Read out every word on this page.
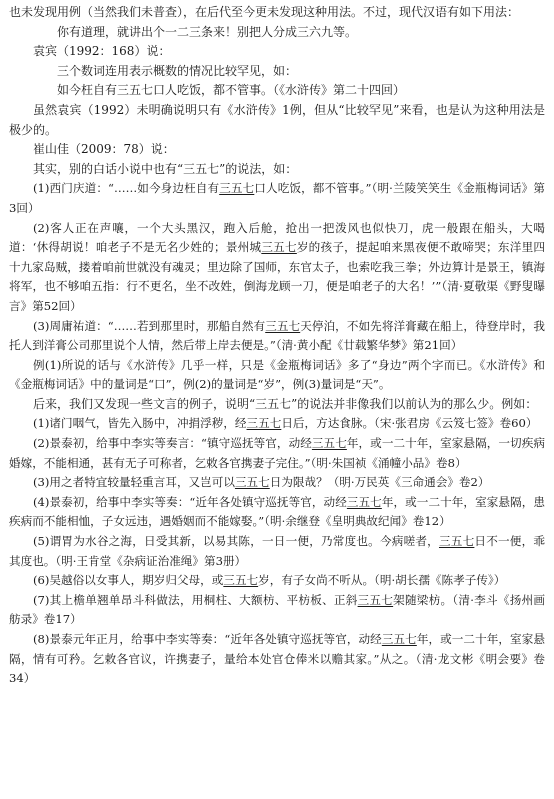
也未发现用例（当然我们未普查），在后代至今更未发现这种用法。不过，现代汉语有如下用法：

你有道理，就讲出个一二三条来！别把人分成三六九等。

袁宾（1992：168）说：

三个数词连用表示概数的情况比较罕见，如：

如今枉自有三五七口人吃饭，都不管事。（《水浒传》第二十四回）

虽然袁宾（1992）未明确说明只有《水浒传》1例，但从“比较罕见”来看，也是认为这种用法是极少的。

崔山佳（2009：78）说：

其实，别的白话小说中也有“三五七”的说法，如：

(1)西门庆道：“……如今身边枉自有三五七口人吃饭，都不管事。”（明·兰陵笑笑生《金瓶梅词话》第3回）

(2)客人正在声嚷，一个大头黑汉，跑入后舱，抢出一把泼风也似快刀，虎一般跟在船头，大喝道：‘休得胡说！咱老子不是无名少姓的；景州城三五七岁的孩子，提起咱来黑夜便不敢啼哭；东洋里四十九家岛贼，搂着咱前世就没有魂灵；里边除了国师，东官太子，也索吃我三拳；外边算计是景王，镇海将军，也不够咱五指：行不更名，坐不改姓，倒海龙顾一刀，便是咱老子的大名！’”（清·夏敬渠《野叟曝言》第52回）

(3)周庸祐道：“……若到那里时，那船自然有三五七天停泊，不如先将洋膏藏在船上，待登岸时，我托人到洋膏公司那里说个人情，然后带上岸去便是。”（清·黄小配《廿载繁华梦》第21回）

例(1)所说的话与《水浒传》几乎一样，只是《金瓶梅词话》多了“身边”两个字而已。《水浒传》和《金瓶梅词话》中的量词是“口”，例(2)的量词是“岁”，例(3)量词是“天”。

后来，我们又发现一些文言的例子，说明“三五七”的说法并非像我们以前认为的那么少。例如：

(1)诸门咽气，皆先入肠中，冲捐浮秽，经三五七日后，方达食脉。（宋·张君房《云笈七签》卷60）

(2)景泰初，给事中李实等奏言：“镇守巡抚等官，动经三五七年，或一二十年，室家悬隔，一切疾病婚嫁，不能相通，甚有无子可称者，乞敕各官携妻子完住。”（明·朱国祯《涌幢小品》卷8）

(3)用之者特宜较量轻重言耳，又岂可以三五七日为限哉？（明·万民英《三命通会》卷2）

(4)景泰初，给事中李实等奏：“近年各处镇守巡抚等官，动经三五七年，或一二十年，室家悬隔，患疾病而不能相恤，子女远违，遇婚姻而不能嫁娶。”（明·余继登《皇明典故纪闻》卷12）

(5)谓胃为水谷之海，日受其新，以易其陈，一日一便，乃常度也。今病嗟者，三五七日不一便，乖其度也。（明·王肯堂《杂病证治准绳》第3册）

(6)吴越俗以女事人，期岁归父母，或三五七岁，有子女尚不听从。（明·胡长孺《陈孝子传》）

(7)其上檐单翘单昂斗科做法，用桐柱、大额枋、平枋板、正斜三五七架随梁枋。（清·李斗《扬州画舫录》卷17）

(8)景泰元年正月，给事中李实等奏：“近年各处镇守巡抚等官，动经三五七年，或一二十年，室家悬隔，情有可矜。乞敕各官议，许携妻子，量给本处官仓俸米以赡其家。”从之。（清·龙文彬《明会要》卷34）
